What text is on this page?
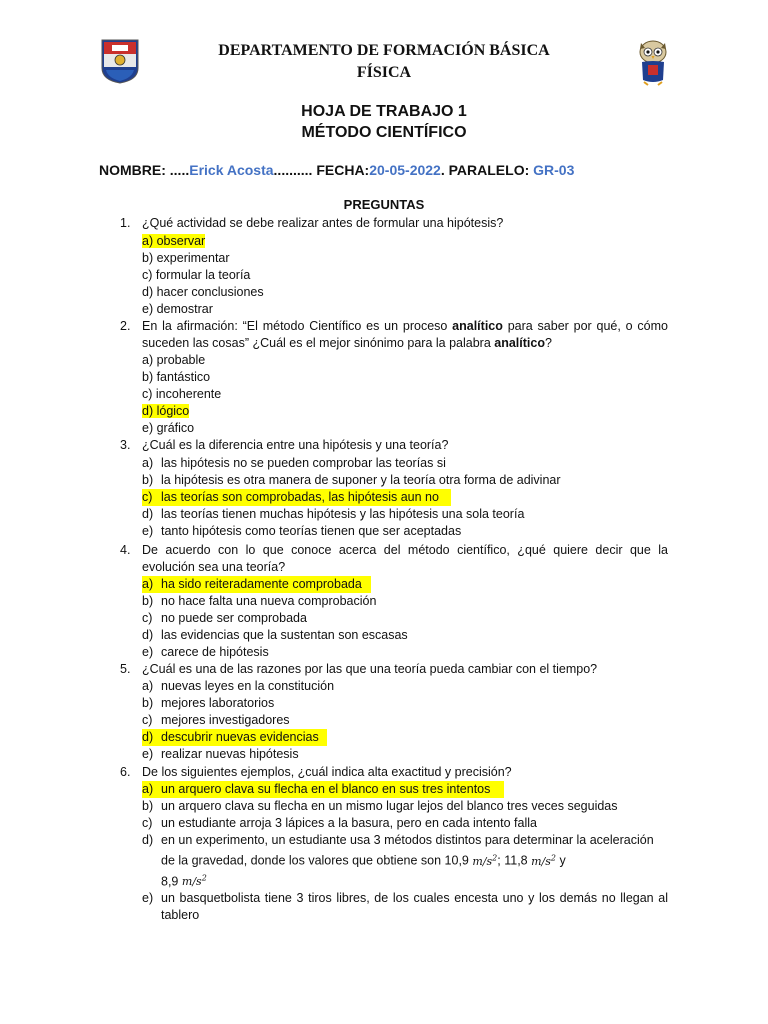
DEPARTAMENTO DE FORMACIÓN BÁSICA
FÍSICA
HOJA DE TRABAJO 1
MÉTODO CIENTÍFICO
NOMBRE: .....Erick Acosta.......... FECHA:20-05-2022. PARALELO: GR-03
PREGUNTAS
1. ¿Qué actividad se debe realizar antes de formular una hipótesis?
a) observar
b) experimentar
c) formular la teoría
d) hacer conclusiones
e) demostrar
2. En la afirmación: “El método Científico es un proceso analítico para saber por qué, o cómo suceden las cosas” ¿Cuál es el mejor sinónimo para la palabra analítico?
a) probable
b) fantástico
c) incoherente
d) lógico
e) gráfico
3. ¿Cuál es la diferencia entre una hipótesis y una teoría?
a) las hipótesis no se pueden comprobar las teorías si
b) la hipótesis es otra manera de suponer y la teoría otra forma de adivinar
c) las teorías son comprobadas, las hipótesis aun no
d) las teorías tienen muchas hipótesis y las hipótesis una sola teoría
e) tanto hipótesis como teorías tienen que ser aceptadas
4. De acuerdo con lo que conoce acerca del método científico, ¿qué quiere decir que la evolución sea una teoría?
a) ha sido reiteradamente comprobada
b) no hace falta una nueva comprobación
c) no puede ser comprobada
d) las evidencias que la sustentan son escasas
e) carece de hipótesis
5. ¿Cuál es una de las razones por las que una teoría pueda cambiar con el tiempo?
a) nuevas leyes en la constitución
b) mejores laboratorios
c) mejores investigadores
d) descubrir nuevas evidencias
e) realizar nuevas hipótesis
6. De los siguientes ejemplos, ¿cuál indica alta exactitud y precisión?
a) un arquero clava su flecha en el blanco en sus tres intentos
b) un arquero clava su flecha en un mismo lugar lejos del blanco tres veces seguidas
c) un estudiante arroja 3 lápices a la basura, pero en cada intento falla
d) en un experimento, un estudiante usa 3 métodos distintos para determinar la aceleración de la gravedad, donde los valores que obtiene son 10,9 $m/s^2$; 11,8 $m/s^2$ y
8,9 $m/s^2$
e) un basquetbolista tiene 3 tiros libres, de los cuales encesta uno y los demás no llegan al tablero
